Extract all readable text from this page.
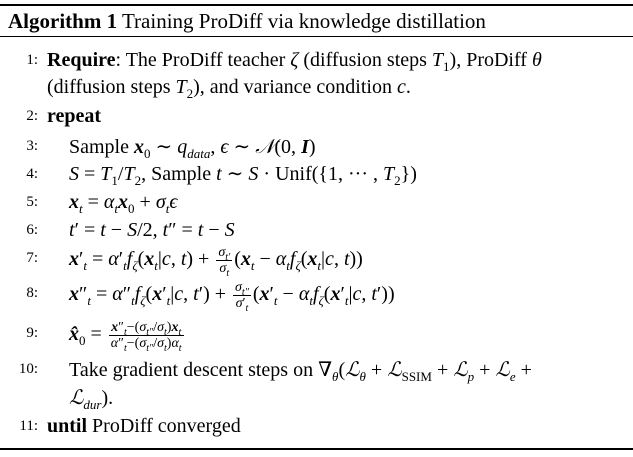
Algorithm 1 Training ProDiff via knowledge distillation
1: Require: The ProDiff teacher ζ (diffusion steps $T_1$), ProDiff θ
(diffusion steps $T_2$), and variance condition c.
2: repeat
3: Sample $x_0$ ∼ $q_{data}$, ϵ ∼ 𝒩(0, I)
4: $S = T_1/T_2$, Sample t ∼ S · Unif({1, ··· , $T_2$})
5: $x_t = \alpha_tx_0 + \sigma_t\epsilon$
6: t′ = t − S/2, t″ = t − S
7: $x'_t = \alpha'_tf_\zeta(x_t|c$, $t) + \frac{\sigma_{t'}}{\sigma_t} (x_t - \alpha_tf_\zeta(x_t|c$, t))
8: $x''_t = \alpha''_tf_\zeta(x'_t|c$, $t') + \frac{\sigma_{t''}}{\sigma'_t} (x'_t - \alpha_tf_\zeta(x'_t|c$, t′))
9: $x̂_0 = \frac{x''_t-(\sigma_{t''}/\sigma_t)x_t}{\alpha''_t-(\sigma_{t''}/\sigma_t)\alpha_t}$
10: Take gradient descent steps on $\nabla_\theta(ℒ_\theta$ + ℒ$_{SSIM}$ + ℒ$_p$ + ℒ$_e$ +
ℒ$_{dur}$).
11: until ProDiff converged
